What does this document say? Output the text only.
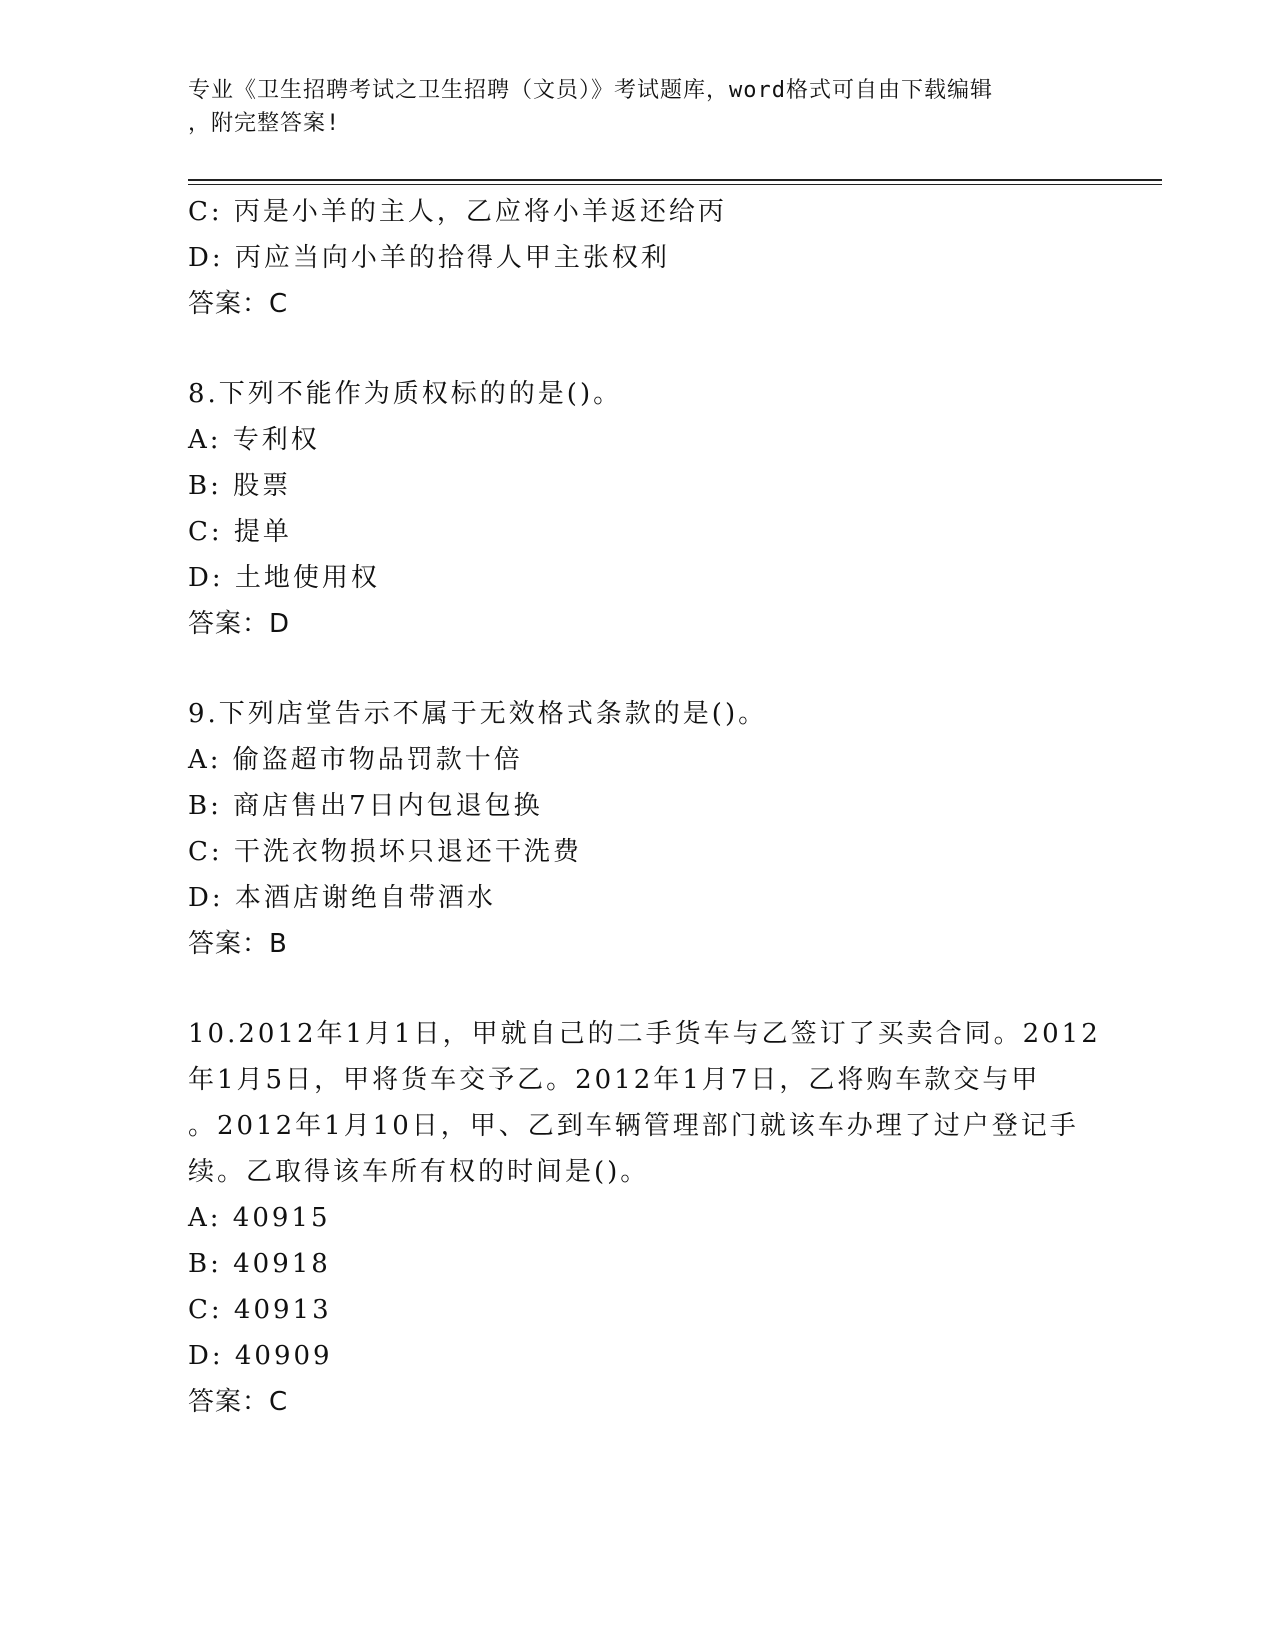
专业《卫生招聘考试之卫生招聘（文员）》考试题库，word格式可自由下载编辑
，附完整答案!
C: 丙是小羊的主人，乙应将小羊返还给丙
D: 丙应当向小羊的拾得人甲主张权利
答案：C
8.下列不能作为质权标的的是()。
A: 专利权
B: 股票
C: 提单
D: 土地使用权
答案：D
9.下列店堂告示不属于无效格式条款的是()。
A: 偷盗超市物品罚款十倍
B: 商店售出7日内包退包换
C: 干洗衣物损坏只退还干洗费
D: 本酒店谢绝自带酒水
答案：B
10.2012年1月1日，甲就自己的二手货车与乙签订了买卖合同。2012
年1月5日，甲将货车交予乙。2012年1月7日，乙将购车款交与甲
。2012年1月10日，甲、乙到车辆管理部门就该车办理了过户登记手
续。乙取得该车所有权的时间是()。
A: 40915
B: 40918
C: 40913
D: 40909
答案：C
